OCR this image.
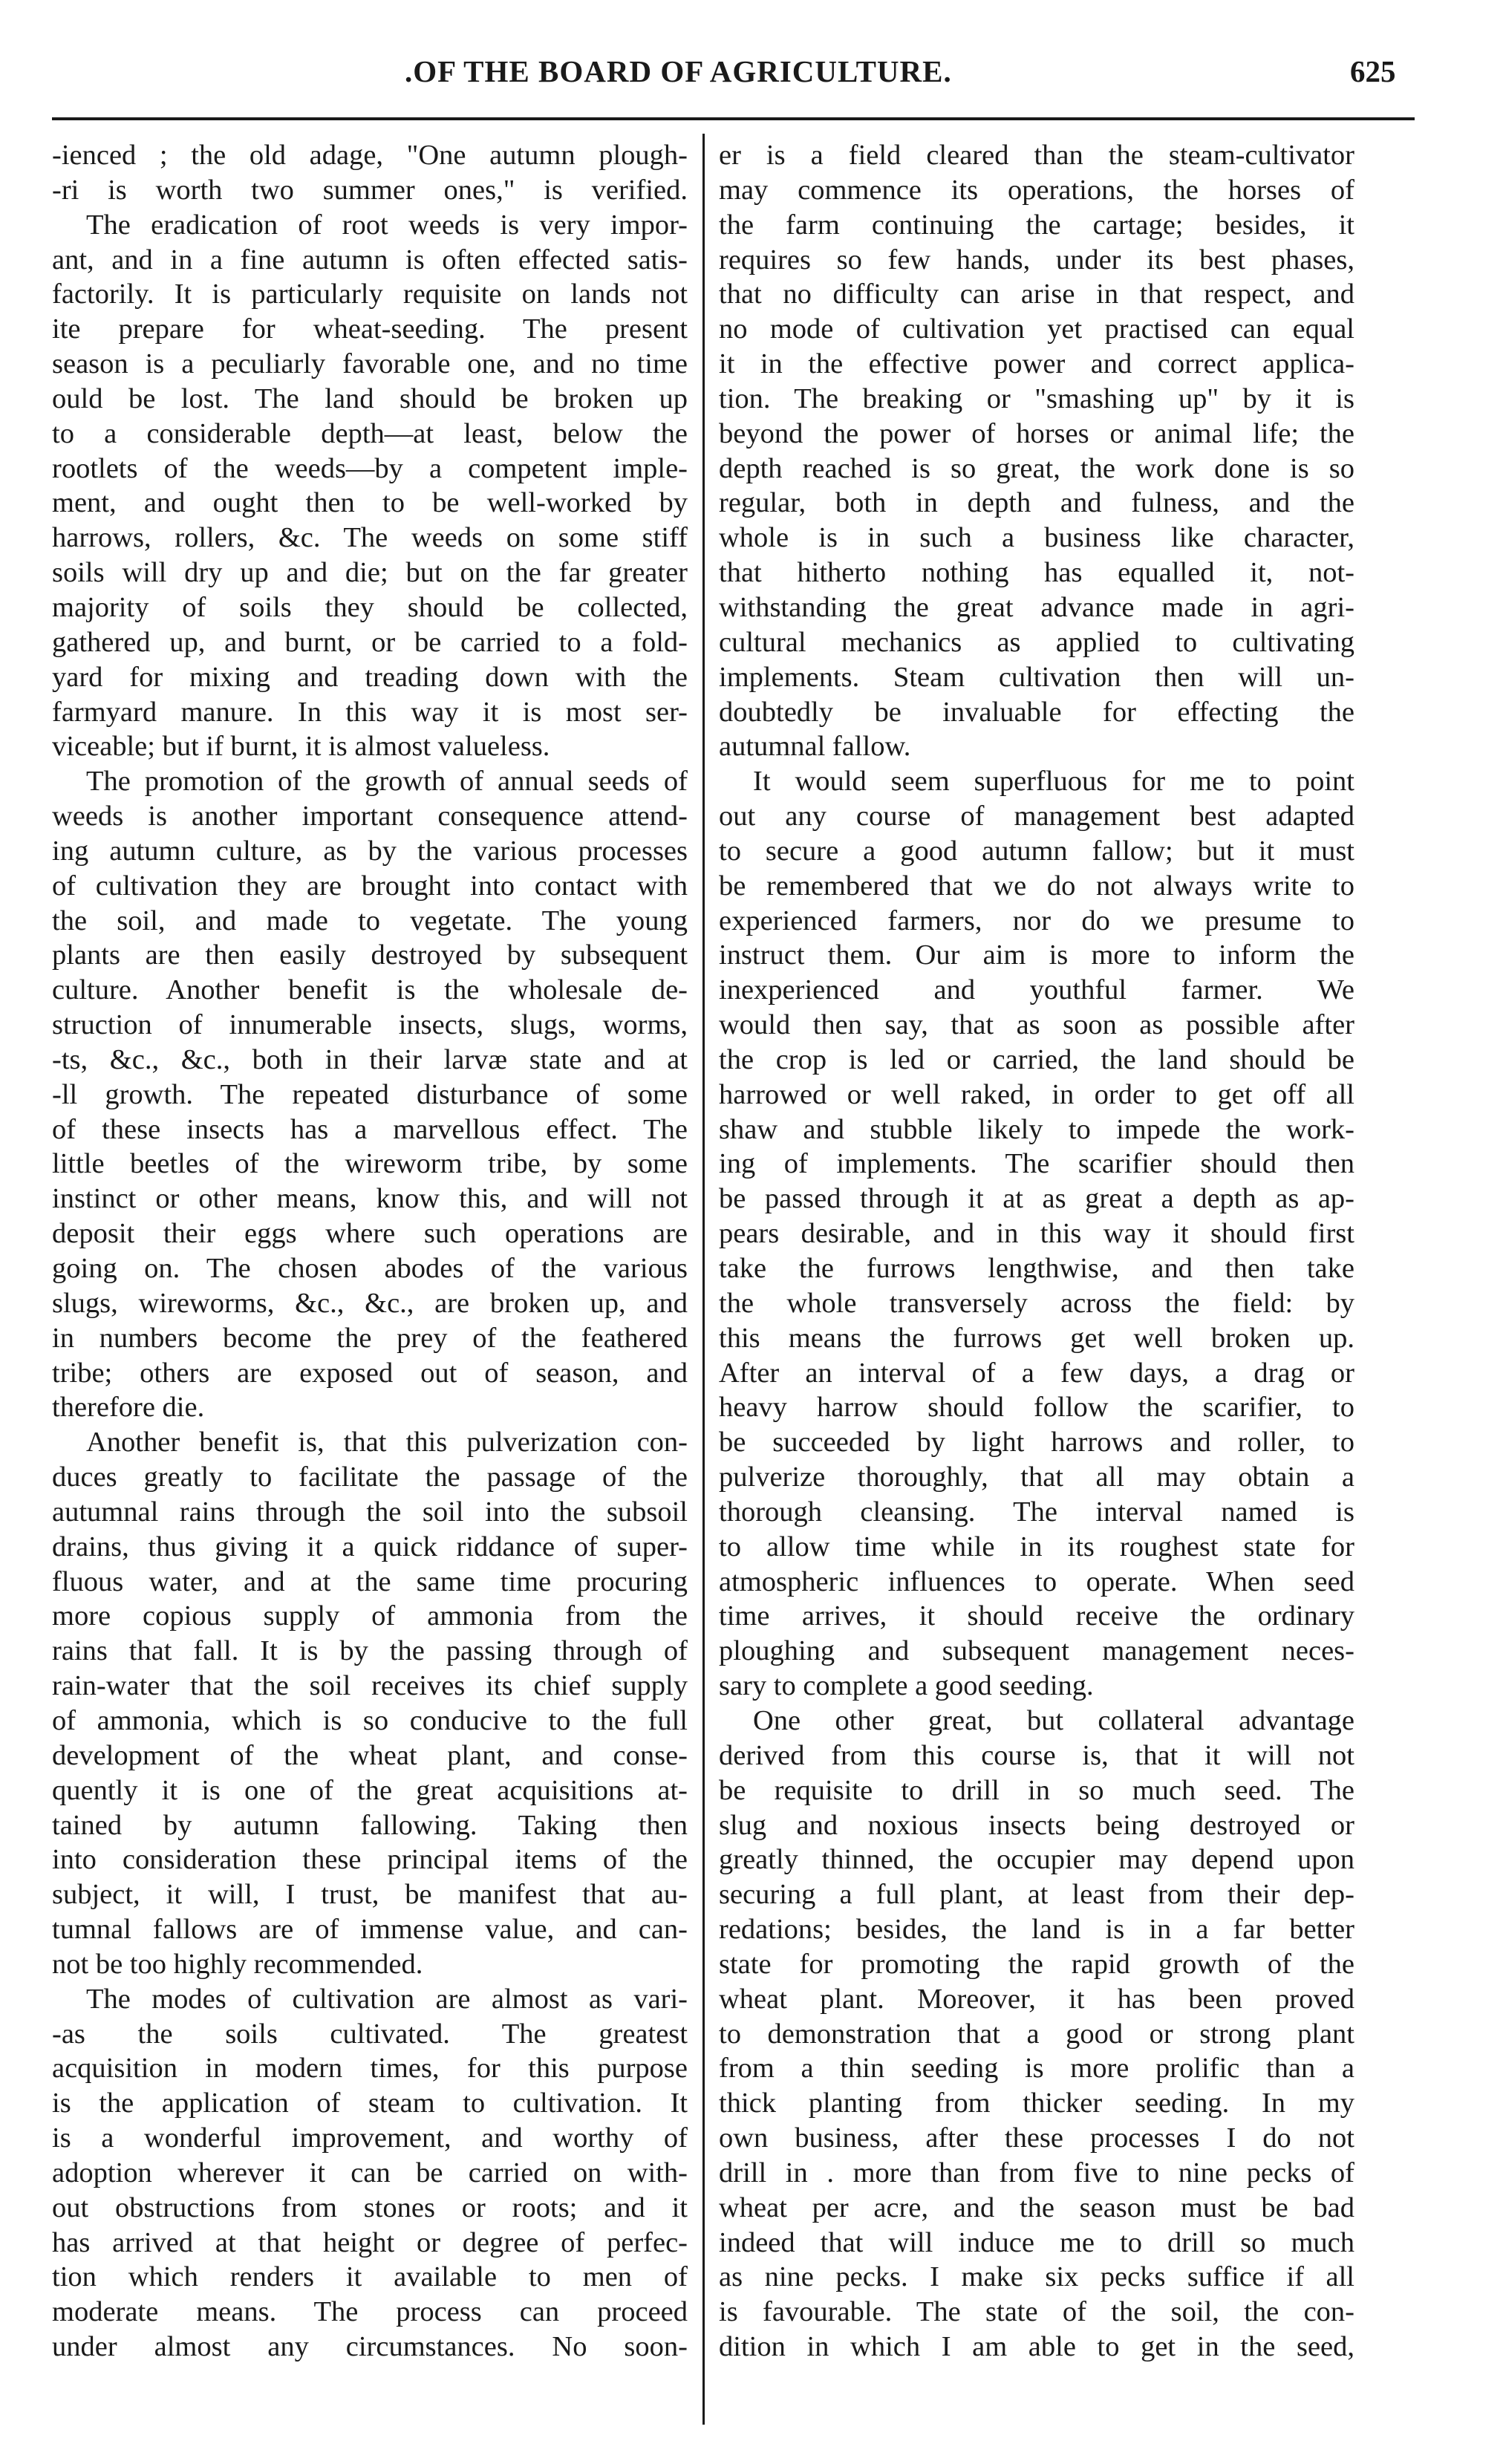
.OF THE BOARD OF AGRICULTURE.	625
-ienced ; the old adage, "One autumn plough-
-ri is worth two summer ones," is verified.
The eradication of root weeds is very impor-
ant, and in a fine autumn is often effected satis-
factorily. It is particularly requisite on lands not
ite prepare for wheat-seeding. The present
season is a peculiarly favorable one, and no time
ould be lost. The land should be broken up
to a considerable depth—at least, below the
rootlets of the weeds—by a competent imple-
ment, and ought then to be well-worked by
harrows, rollers, &c. The weeds on some stiff
soils will dry up and die; but on the far greater
majority of soils they should be collected,
gathered up, and burnt, or be carried to a fold-
yard for mixing and treading down with the
farmyard manure. In this way it is most ser-
viceable; but if burnt, it is almost valueless.
The promotion of the growth of annual seeds of
weeds is another important consequence attend-
ing autumn culture, as by the various processes
of cultivation they are brought into contact with
the soil, and made to vegetate. The young
plants are then easily destroyed by subsequent
culture. Another benefit is the wholesale de-
struction of innumerable insects, slugs, worms,
-ts, &c., &c., both in their larvæ state and at
-ll growth. The repeated disturbance of some
of these insects has a marvellous effect. The
little beetles of the wireworm tribe, by some
instinct or other means, know this, and will not
deposit their eggs where such operations are
going on. The chosen abodes of the various
slugs, wireworms, &c., &c., are broken up, and
in numbers become the prey of the feathered
tribe; others are exposed out of season, and
therefore die.
Another benefit is, that this pulverization con-
duces greatly to facilitate the passage of the
autumnal rains through the soil into the subsoil
drains, thus giving it a quick riddance of super-
fluous water, and at the same time procuring
more copious supply of ammonia from the
rains that fall. It is by the passing through of
rain-water that the soil receives its chief supply
of ammonia, which is so conducive to the full
development of the wheat plant, and conse-
quently it is one of the great acquisitions at-
tained by autumn fallowing. Taking then
into consideration these principal items of the
subject, it will, I trust, be manifest that au-
tumnal fallows are of immense value, and can-
not be too highly recommended.
The modes of cultivation are almost as vari-
-as the soils cultivated. The greatest
acquisition in modern times, for this purpose
is the application of steam to cultivation. It
is a wonderful improvement, and worthy of
adoption wherever it can be carried on with-
out obstructions from stones or roots; and it
has arrived at that height or degree of perfec-
tion which renders it available to men of
moderate means. The process can proceed
under almost any circumstances. No soon-
er is a field cleared than the steam-cultivator
may commence its operations, the horses of
the farm continuing the cartage; besides, it
requires so few hands, under its best phases,
that no difficulty can arise in that respect, and
no mode of cultivation yet practised can equal
it in the effective power and correct applica-
tion. The breaking or "smashing up" by it is
beyond the power of horses or animal life; the
depth reached is so great, the work done is so
regular, both in depth and fulness, and the
whole is in such a business like character,
that hitherto nothing has equalled it, not-
withstanding the great advance made in agri-
cultural mechanics as applied to cultivating
implements. Steam cultivation then will un-
doubtedly be invaluable for effecting the
autumnal fallow.
It would seem superfluous for me to point
out any course of management best adapted
to secure a good autumn fallow; but it must
be remembered that we do not always write to
experienced farmers, nor do we presume to
instruct them. Our aim is more to inform the
inexperienced and youthful farmer. We
would then say, that as soon as possible after
the crop is led or carried, the land should be
harrowed or well raked, in order to get off all
shaw and stubble likely to impede the work-
ing of implements. The scarifier should then
be passed through it at as great a depth as ap-
pears desirable, and in this way it should first
take the furrows lengthwise, and then take
the whole transversely across the field: by
this means the furrows get well broken up.
After an interval of a few days, a drag or
heavy harrow should follow the scarifier, to
be succeeded by light harrows and roller, to
pulverize thoroughly, that all may obtain a
thorough cleansing. The interval named is
to allow time while in its roughest state for
atmospheric influences to operate. When seed
time arrives, it should receive the ordinary
ploughing and subsequent management neces-
sary to complete a good seeding.
One other great, but collateral advantage
derived from this course is, that it will not
be requisite to drill in so much seed. The
slug and noxious insects being destroyed or
greatly thinned, the occupier may depend upon
securing a full plant, at least from their dep-
redations; besides, the land is in a far better
state for promoting the rapid growth of the
wheat plant. Moreover, it has been proved
to demonstration that a good or strong plant
from a thin seeding is more prolific than a
thick planting from thicker seeding. In my
own business, after these processes I do not
drill in . more than from five to nine pecks of
wheat per acre, and the season must be bad
indeed that will induce me to drill so much
as nine pecks. I make six pecks suffice if all
is favourable. The state of the soil, the con-
dition in which I am able to get in the seed,
